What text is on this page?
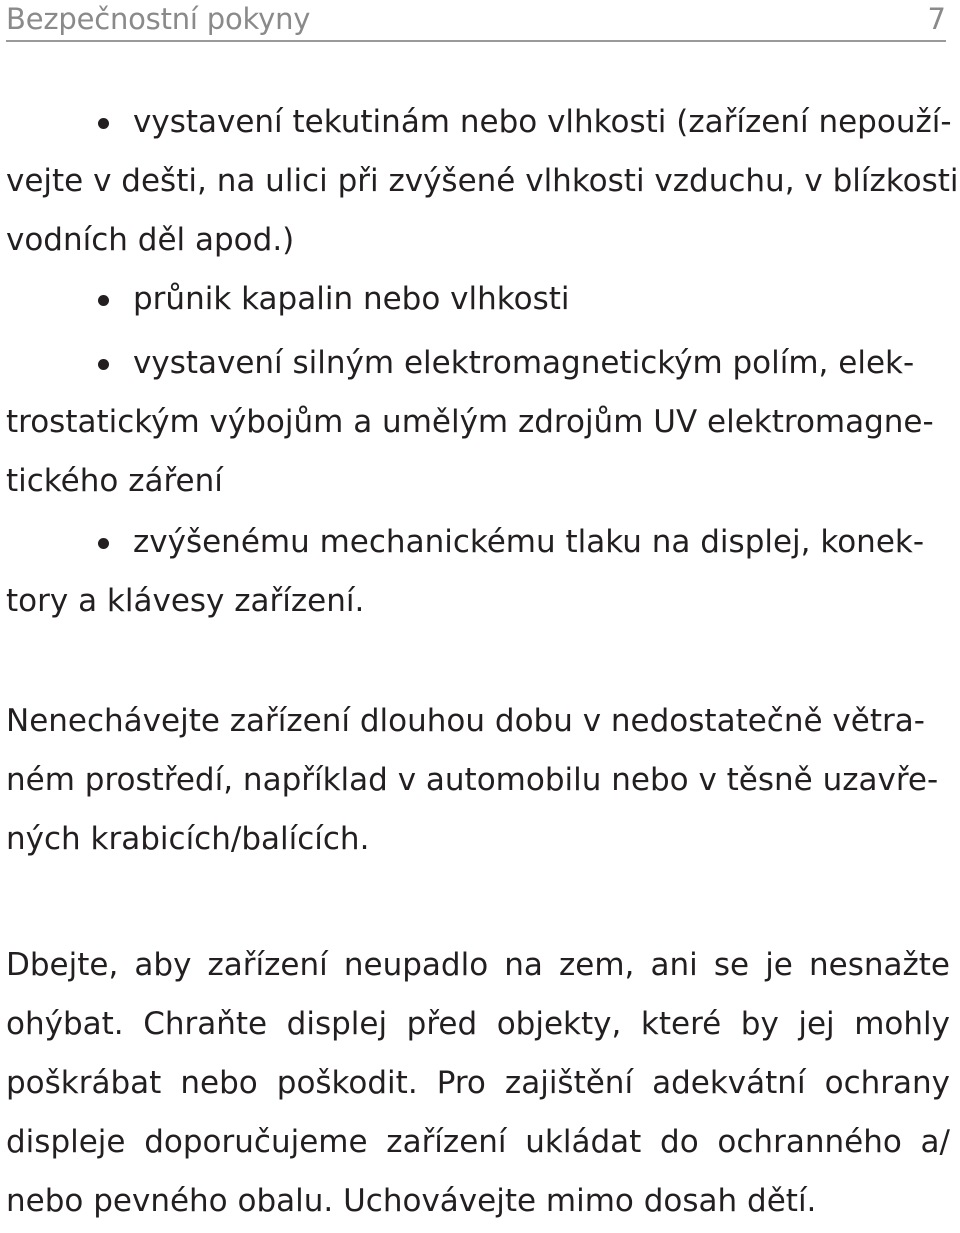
Bezpečnostní pokyny	7

vystavení tekutinám nebo vlhkosti (zařízení nepouží-
vejte v dešti, na ulici při zvýšené vlhkosti vzduchu, v blízkosti
vodních děl apod.)

průnik kapalin nebo vlhkosti

vystavení silným elektromagnetickým polím, elek-
trostatickým výbojům a umělým zdrojům UV elektromagne-
tického záření

zvýšenému mechanickému tlaku na displej, konek-
tory a klávesy zařízení.

Nenechávejte zařízení dlouhou dobu v nedostatečně větra-
ném prostředí, například v automobilu nebo v těsně uzavře-
ných krabicích/balících.

Dbejte, aby zařízení neupadlo na zem, ani se je nesnažte
ohýbat. Chraňte displej před objekty, které by jej mohly
poškrábat nebo poškodit. Pro zajištění adekvátní ochrany
displeje doporučujeme zařízení ukládat do ochranného a/
nebo pevného obalu. Uchovávejte mimo dosah dětí.
